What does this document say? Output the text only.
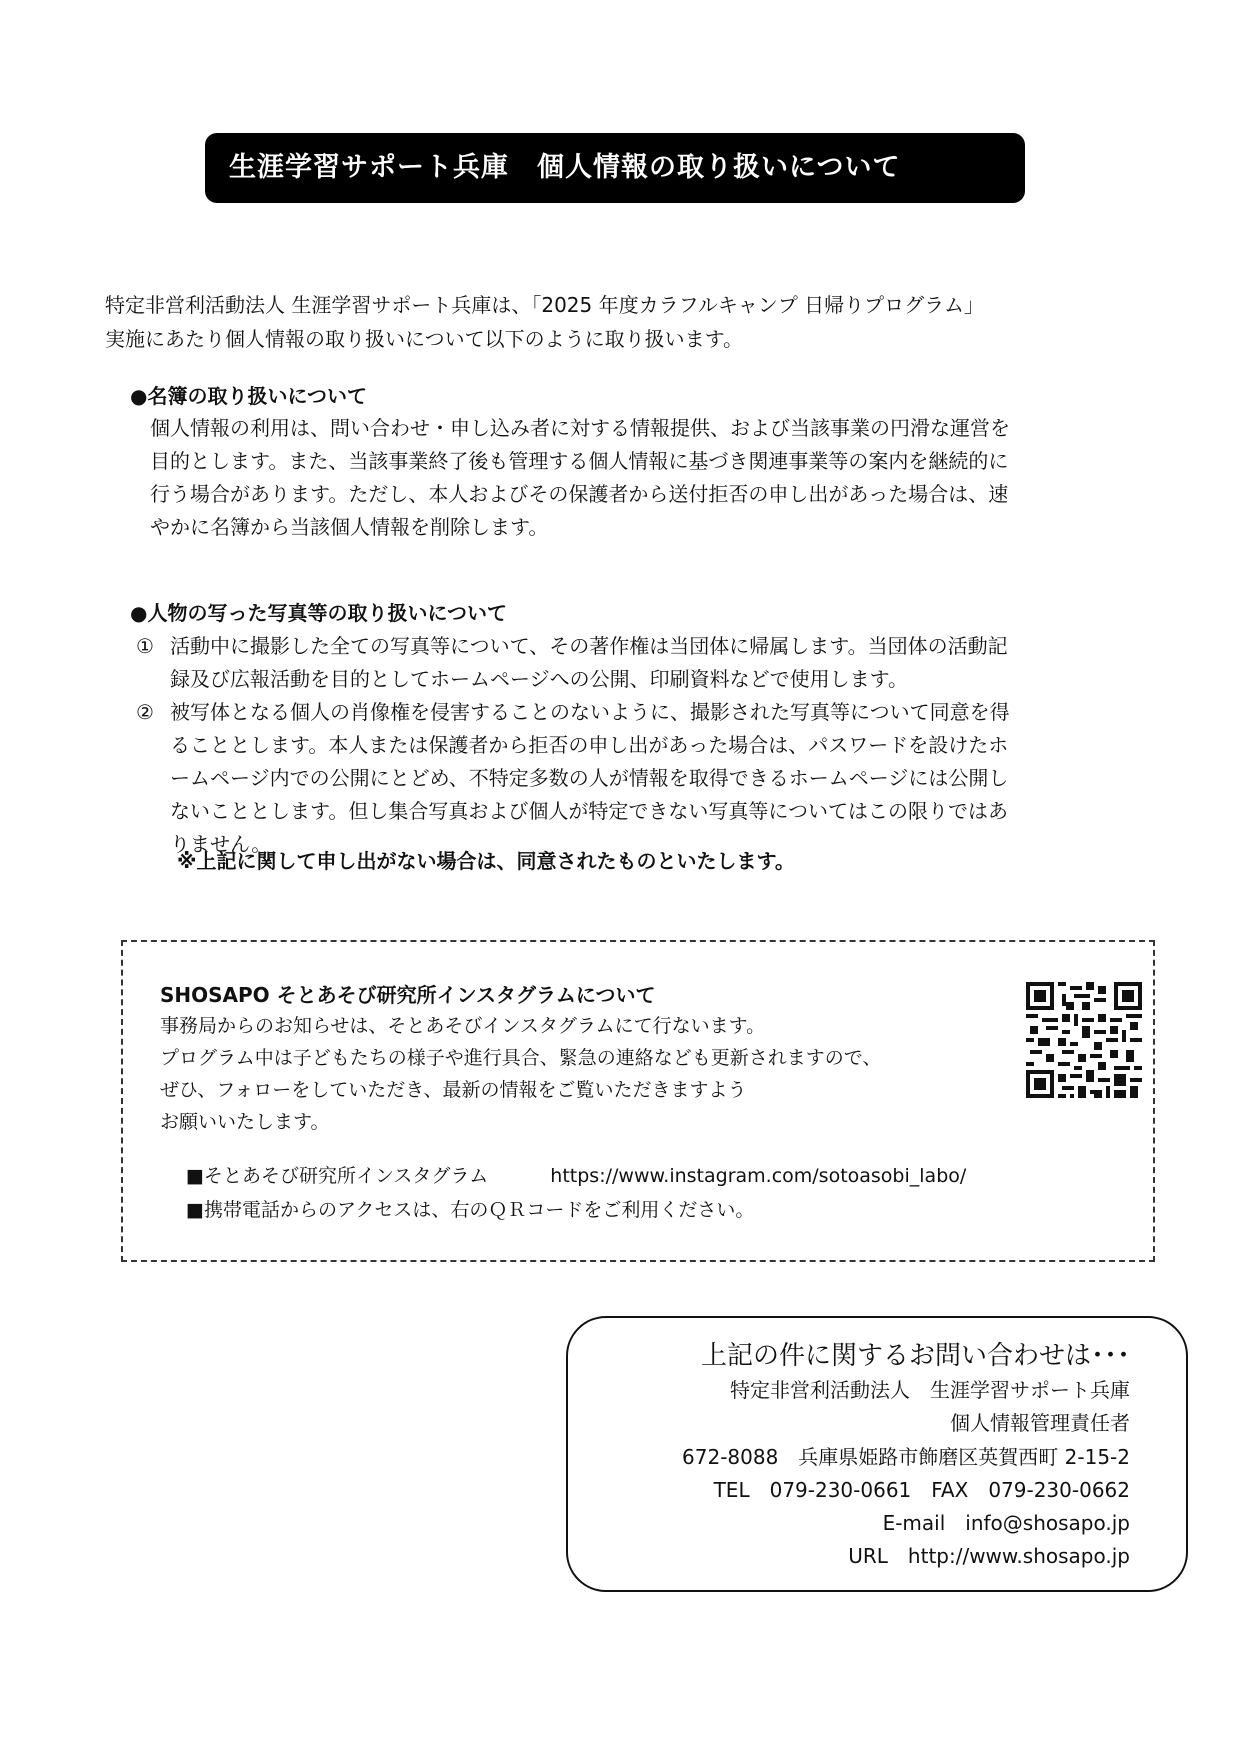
生涯学習サポート兵庫　個人情報の取り扱いについて
特定非営利活動法人 生涯学習サポート兵庫は、「2025 年度カラフルキャンプ 日帰りプログラム」
実施にあたり個人情報の取り扱いについて以下のように取り扱います。
●名簿の取り扱いについて
個人情報の利用は、問い合わせ・申し込み者に対する情報提供、および当該事業の円滑な運営を
目的とします。また、当該事業終了後も管理する個人情報に基づき関連事業等の案内を継続的に
行う場合があります。ただし、本人およびその保護者から送付拒否の申し出があった場合は、速
やかに名簿から当該個人情報を削除します。
●人物の写った写真等の取り扱いについて
① 活動中に撮影した全ての写真等について、その著作権は当団体に帰属します。当団体の活動記
録及び広報活動を目的としてホームページへの公開、印刷資料などで使用します。
② 被写体となる個人の肖像権を侵害することのないように、撮影された写真等について同意を得
ることとします。本人または保護者から拒否の申し出があった場合は、パスワードを設けたホ
ームページ内での公開にとどめ、不特定多数の人が情報を取得できるホームページには公開し
ないこととします。但し集合写真および個人が特定できない写真等についてはこの限りではあ
りません。
※上記に関して申し出がない場合は、同意されたものといたします。
SHOSAPO そとあそび研究所インスタグラムについて
事務局からのお知らせは、そとあそびインスタグラムにて行ないます。
プログラム中は子どもたちの様子や進行具合、緊急の連絡なども更新されますので、
ぜひ、フォローをしていただき、最新の情報をご覧いただきますよう
お願いいたします。
■そとあそび研究所インスタグラム	https://www.instagram.com/sotoasobi_labo/
■携帯電話からのアクセスは、右のＱＲコードをご利用ください。
上記の件に関するお問い合わせは･･･
特定非営利活動法人　生涯学習サポート兵庫
個人情報管理責任者
672-8088　兵庫県姫路市飾磨区英賀西町 2-15-2
TEL　079-230-0661　FAX　079-230-0662
E-mail　info@shosapo.jp
URL　http://www.shosapo.jp
